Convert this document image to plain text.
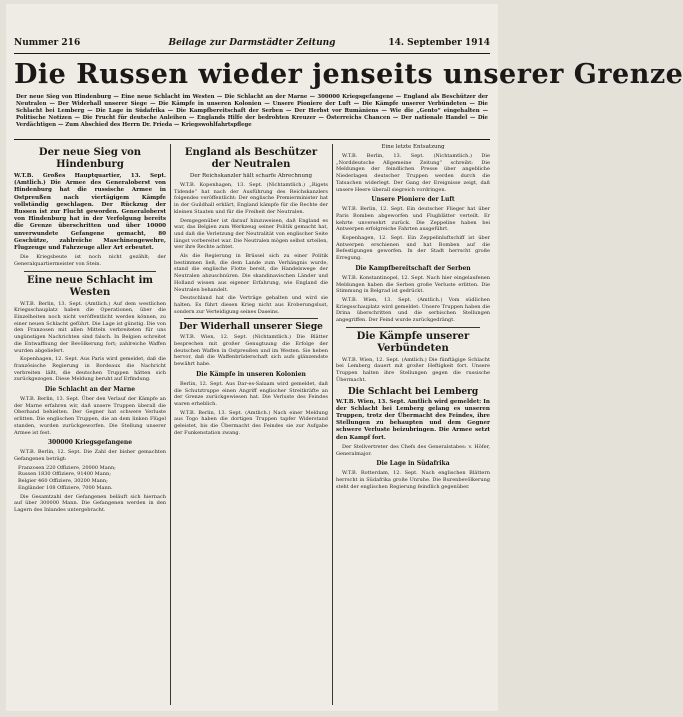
Nummer 216	Beilage zur Darmstädter Zeitung	14. September 1914
Die Russen wieder jenseits unserer Grenze
Der neue Sieg von Hindenburg — Eine neue Schlacht im Westen — Die Schlacht an der Marne — 300000 Kriegsgefangene — England als Beschützer der Neutralen — Der Widerhall unserer Siege — Die Kämpfe in unseren Kolonien — Unsere Pioniere der Luft — Die Kämpfe unserer Verbündeten — Die Schlacht bei Lemberg — Die Lage in Südafrika — Die Kampfbereitschaft der Serben — Der Herbst vor Rumäniens — Wie die „Gento“ eingehalten — Politische Notizen — Die Frucht für deutsche Anleihen — Englands Hilfe der bedrohten Kreuzer — Österreichs Chancen — Der nationale Handel — Die Verdächtigen — Zum Abschied des Herrn Dr. Frieda — Kriegswohlfahrtspflege
Der neue Sieg von Hindenburg
W.T.B. Großes Hauptquartier, 13. Sept. (Amtlich.) Die Armee des Generaloberst von Hindenburg hat die russische Armee in Ostpreußen nach viertägigem Kämpfe vollständig geschlagen. Der Rückzug der Russen ist zur Flucht geworden. Generaloberst von Hindenburg hat in der Verfolgung bereits die Grenze überschritten und über 10000 unverwundete Gefangene gemacht, 80 Geschütze, zahlreiche Maschinengewehre, Flugzeuge und Fahrzeuge aller Art erbeutet.
Die Kriegsbeute ist noch nicht gezählt; der Generalquartiermeister von Stein.
Eine neue Schlacht im Westen
W.T.B. Berlin, 13. Sept. (Amtlich.) Auf dem westlichen Kriegsschauplatz haben die Operationen, über die Einzelheiten noch nicht veröffentlicht werden können, zu einer neuen Schlacht geführt. Die Lage ist günstig. Die von den Franzosen mit allen Mitteln verbreiteten für uns ungünstigen Nachrichten sind falsch. In Belgien schreitet die Entwaffnung der Bevölkerung fort; zahlreiche Waffen wurden abgeliefert.
Kopenhagen, 12. Sept. Aus Paris wird gemeldet, daß die französische Regierung in Bordeaux die Nachricht verbreiten läßt, die deutschen Truppen hätten sich zurückgezogen. Diese Meldung beruht auf Erfindung.
Die Schlacht an der Marne
W.T.B. Berlin, 13. Sept. Über den Verlauf der Kämpfe an der Marne erfahren wir, daß unsere Truppen überall die Oberhand behielten. Der Gegner hat schwere Verluste erlitten. Die englischen Truppen, die an dem linken Flügel standen, wurden zurückgeworfen. Die Stellung unserer Armee ist fest.
300000 Kriegsgefangene
W.T.B. Berlin, 12. Sept. Die Zahl der bisher gemachten Gefangenen beträgt:
Franzosen 220 Offiziere, 20000 Mann;
Russen 1830 Offiziere, 91400 Mann;
Belgier 460 Offiziere, 30200 Mann;
Engländer 108 Offiziere, 7000 Mann.
Die Gesamtzahl der Gefangenen beläuft sich hiernach auf über 300000 Mann. Die Gefangenen werden in den Lagern des Inlandes untergebracht.
England als Beschützer der Neutralen
Der Reichskanzler hält scharfe Abrechnung
W.T.B. Kopenhagen, 13. Sept. (Nichtamtlich.) „Rigets Tidende“ hat nach der Ausführung des Reichskanzlers folgendes veröffentlicht: Der englische Premierminister hat in der Guildhall erklärt, England kämpfe für die Rechte der kleinen Staaten und für die Freiheit der Neutralen.
Demgegenüber ist darauf hinzuweisen, daß England es war, das Belgien zum Werkzeug seiner Politik gemacht hat, und daß die Verletzung der Neutralität von englischer Seite längst vorbereitet war. Die Neutralen mögen selbst urteilen, wer ihre Rechte achtet.
Als die Regierung in Brüssel sich zu einer Politik bestimmen ließ, die dem Lande zum Verhängnis wurde, stand die englische Flotte bereit, die Handelswege der Neutralen abzuschnüren. Die skandinavischen Länder und Holland wissen aus eigener Erfahrung, wie England die Neutralen behandelt.
Deutschland hat die Verträge gehalten und wird sie halten. Es führt diesen Krieg nicht aus Eroberungslust, sondern zur Verteidigung seines Daseins.
Der Widerhall unserer Siege
W.T.B. Wien, 12. Sept. (Nichtamtlich.) Die Blätter besprechen mit großer Genugtuung die Erfolge der deutschen Waffen in Ostpreußen und im Westen. Sie heben hervor, daß die Waffenbrüderschaft sich aufs glänzendste bewährt habe.
Die Kämpfe in unseren Kolonien
Berlin, 12. Sept. Aus Dar-es-Salaam wird gemeldet, daß die Schutztruppe einen Angriff englischer Streitkräfte an der Grenze zurückgewiesen hat. Die Verluste des Feindes waren erheblich.
W.T.B. Berlin, 13. Sept. (Amtlich.) Nach einer Meldung aus Togo haben die dortigen Truppen tapfer Widerstand geleistet, bis die Übermacht des Feindes sie zur Aufgabe der Funkenstation zwang.
Eine letzte Entsatzung
W.T.B. Berlin, 13. Sept. (Nichtamtlich.) Die „Norddeutsche Allgemeine Zeitung“ schreibt: Die Meldungen der feindlichen Presse über angebliche Niederlagen deutscher Truppen werden durch die Tatsachen widerlegt. Der Gang der Ereignisse zeigt, daß unsere Heere überall siegreich vordringen.
Unsere Pioniere der Luft
W.T.B. Berlin, 12. Sept. Ein deutscher Flieger hat über Paris Bomben abgeworfen und Flugblätter verteilt. Er kehrte unversehrt zurück. Die Zeppeline haben bei Antwerpen erfolgreiche Fahrten ausgeführt.
Kopenhagen, 12. Sept. Ein Zeppelinluftschiff ist über Antwerpen erschienen und hat Bomben auf die Befestigungen geworfen. In der Stadt herrscht große Erregung.
Die Kampfbereitschaft der Serben
W.T.B. Konstantinopel, 12. Sept. Nach hier eingelaufenen Meldungen haben die Serben große Verluste erlitten. Die Stimmung in Belgrad ist gedrückt.
W.T.B. Wien, 13. Sept. (Amtlich.) Vom südlichen Kriegsschauplatz wird gemeldet: Unsere Truppen haben die Drina überschritten und die serbischen Stellungen angegriffen. Der Feind wurde zurückgedrängt.
Die Kämpfe unserer Verbündeten
W.T.B. Wien, 12. Sept. (Amtlich.) Die fünftägige Schlacht bei Lemberg dauert mit großer Heftigkeit fort. Unsere Truppen halten ihre Stellungen gegen die russische Übermacht.
Die Schlacht bei Lemberg
W.T.B. Wien, 13. Sept. Amtlich wird gemeldet: In der Schlacht bei Lemberg gelang es unseren Truppen, trotz der Übermacht des Feindes, ihre Stellungen zu behaupten und dem Gegner schwere Verluste beizubringen. Die Armee setzt den Kampf fort.
Der Stellvertreter des Chefs des Generalstabes: v. Höfer, Generalmajor.
Die Lage in Südafrika
W.T.B. Rotterdam, 12. Sept. Nach englischen Blättern herrscht in Südafrika große Unruhe. Die Burenbevölkerung steht der englischen Regierung feindlich gegenüber.
